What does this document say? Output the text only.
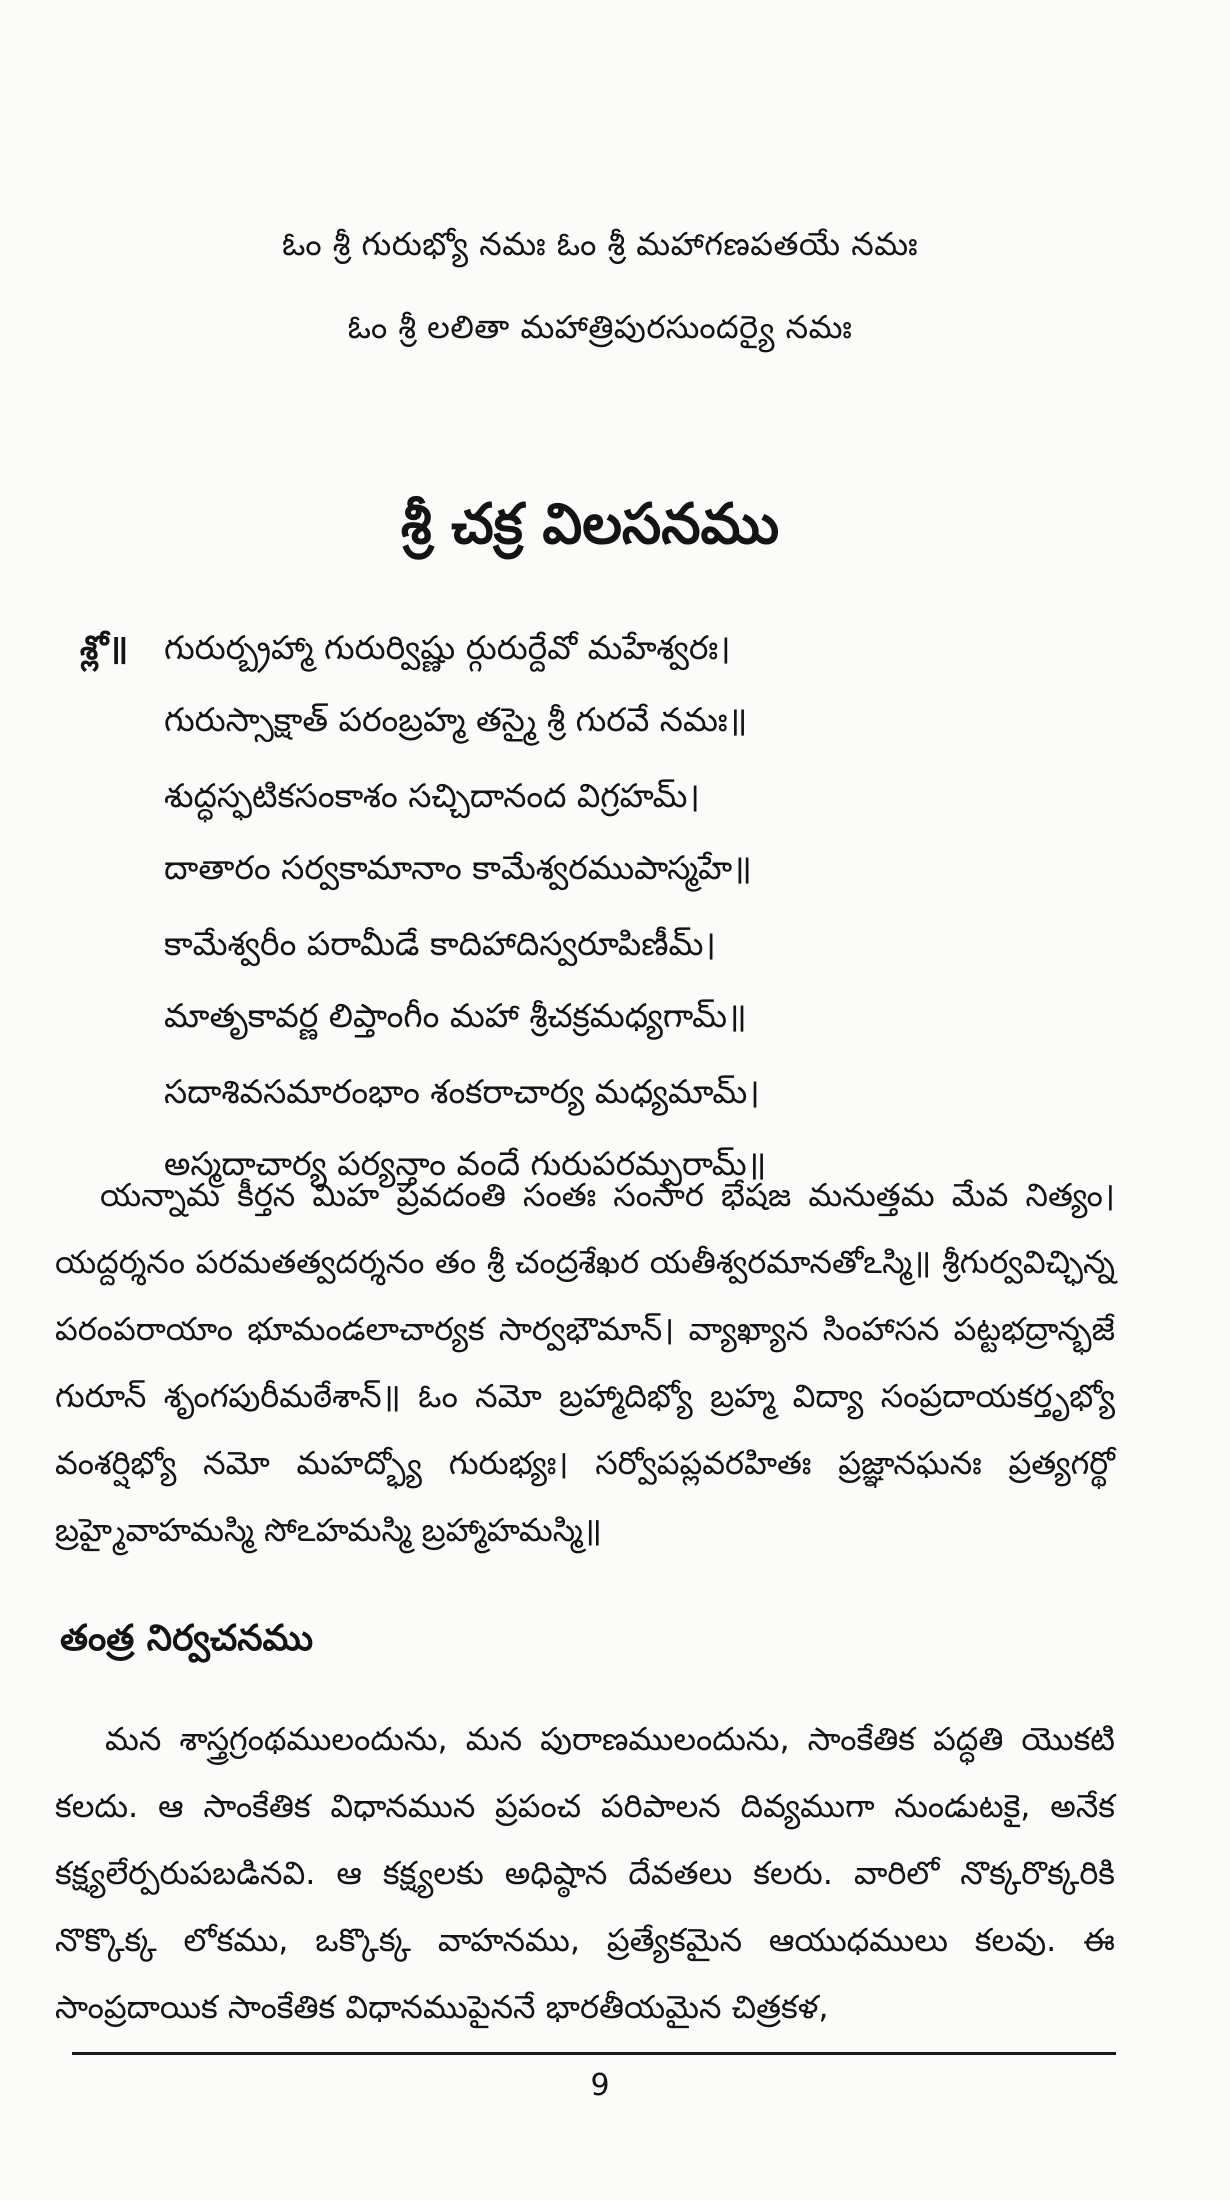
ఓం శ్రీ గురుభ్యో నమః ఓం శ్రీ మహాగణపతయే నమః
ఓం శ్రీ లలితా మహాత్రిపురసుందర్యై నమః
శ్రీ చక్ర విలసనము
శ్లో॥	గురుర్బ్రహ్మా గురుర్విష్ణు ర్గురుర్దేవో మహేశ్వరః।
గురుస్సాక్షాత్ పరంబ్రహ్మ తస్మై శ్రీ గురవే నమః॥
శుద్ధస్ఫటికసంకాశం సచ్చిదానంద విగ్రహమ్।
దాతారం సర్వకామానాం కామేశ్వరముపాస్మహే॥
కామేశ్వరీం పరామీడే కాదిహాదిస్వరూపిణీమ్।
మాతృకావర్ణ లిప్తాంగీం మహా శ్రీచక్రమధ్యగామ్॥
సదాశివసమారంభాం శంకరాచార్య మధ్యమామ్।
అస్మదాచార్య పర్యన్తాం వందే గురుపరమ్పరామ్॥
యన్నామ కీర్తన మిహ ప్రవదంతి సంతః సంసార భేషజ మనుత్తమ మేవ నిత్యం। యద్దర్శనం పరమతత్వదర్శనం తం శ్రీ చంద్రశేఖర యతీశ్వరమానతోఽస్మి॥ శ్రీగుర్వవిచ్ఛిన్న పరంపరాయాం భూమండలాచార్యక సార్వభౌమాన్। వ్యాఖ్యాన సింహాసన పట్టభద్రాన్భజే గురూన్ శృంగపురీమఠేశాన్॥ ఓం నమో బ్రహ్మాదిభ్యో బ్రహ్మ విద్యా సంప్రదాయకర్తృభ్యో వంశర్షిభ్యో నమో మహద్భ్యో గురుభ్యః। సర్వోపప్లవరహితః ప్రజ్ఞానఘనః ప్రత్యగర్థో బ్రహ్మైవాహమస్మి సోఽహమస్మి బ్రహ్మాహమస్మి॥
తంత్ర నిర్వచనము
మన శాస్త్రగ్రంథములందును, మన పురాణములందును, సాంకేతిక పద్ధతి యొకటి కలదు. ఆ సాంకేతిక విధానమున ప్రపంచ పరిపాలన దివ్యముగా నుండుటకై, అనేక కక్ష్యలేర్పరుపబడినవి. ఆ కక్ష్యలకు అధిష్ఠాన దేవతలు కలరు. వారిలో నొక్కరొక్కరికి నొక్కొక్క లోకము, ఒక్కొక్క వాహనము, ప్రత్యేకమైన ఆయుధములు కలవు. ఈ సాంప్రదాయిక సాంకేతిక విధానముపైననే భారతీయమైన చిత్రకళ,
9
